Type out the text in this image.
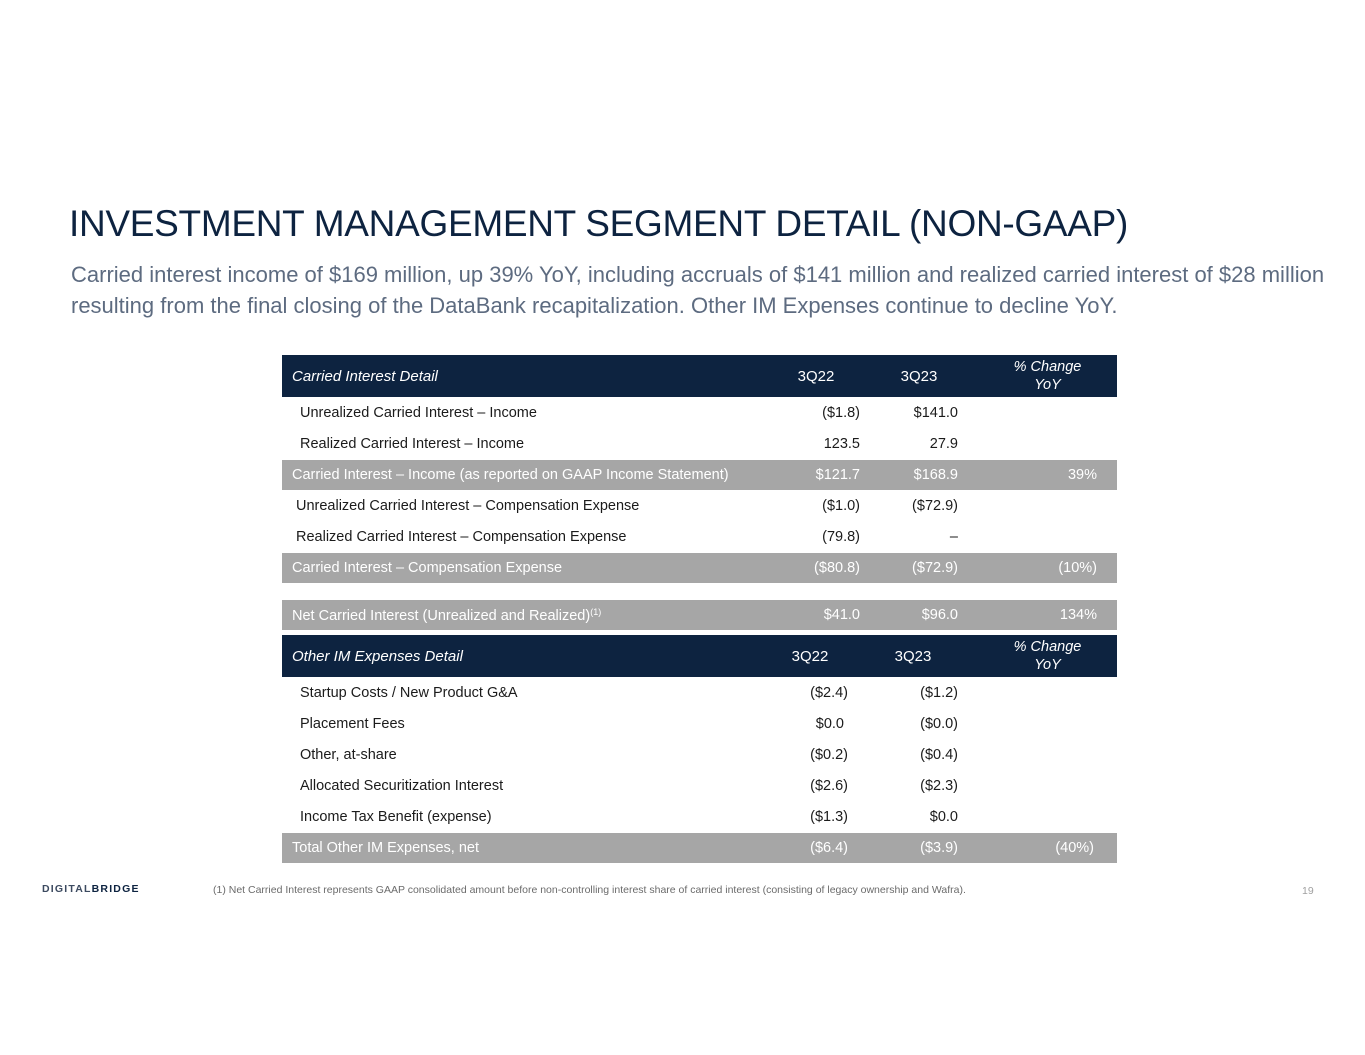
INVESTMENT MANAGEMENT SEGMENT DETAIL (NON-GAAP)
Carried interest income of $169 million, up 39% YoY, including accruals of $141 million and realized carried interest of $28 million resulting from the final closing of the DataBank recapitalization. Other IM Expenses continue to decline YoY.
Carried Interest Detail	3Q22	3Q23	% Change
YoY
Unrealized Carried Interest – Income	($1.8)	$141.0	
Realized Carried Interest – Income	123.5	27.9	
Carried Interest – Income (as reported on GAAP Income Statement)	$121.7	$168.9	39%
Unrealized Carried Interest – Compensation Expense	($1.0)	($72.9)	
Realized Carried Interest – Compensation Expense	(79.8)	–	
Carried Interest – Compensation Expense	($80.8)	($72.9)	(10%)
Net Carried Interest (Unrealized and Realized)$^{(1)}$	$41.0	$96.0	134%
Other IM Expenses Detail	3Q22	3Q23	% Change
YoY
Startup Costs / New Product G&A	($2.4)	($1.2)	
Placement Fees	$0.0	($0.0)	
Other, at-share	($0.2)	($0.4)	
Allocated Securitization Interest	($2.6)	($2.3)	
Income Tax Benefit (expense)	($1.3)	$0.0	
Total Other IM Expenses, net	($6.4)	($3.9)	(40%)
DIGITALBRIDGE	(1) Net Carried Interest represents GAAP consolidated amount before non-controlling interest share of carried interest (consisting of legacy ownership and Wafra).	19
